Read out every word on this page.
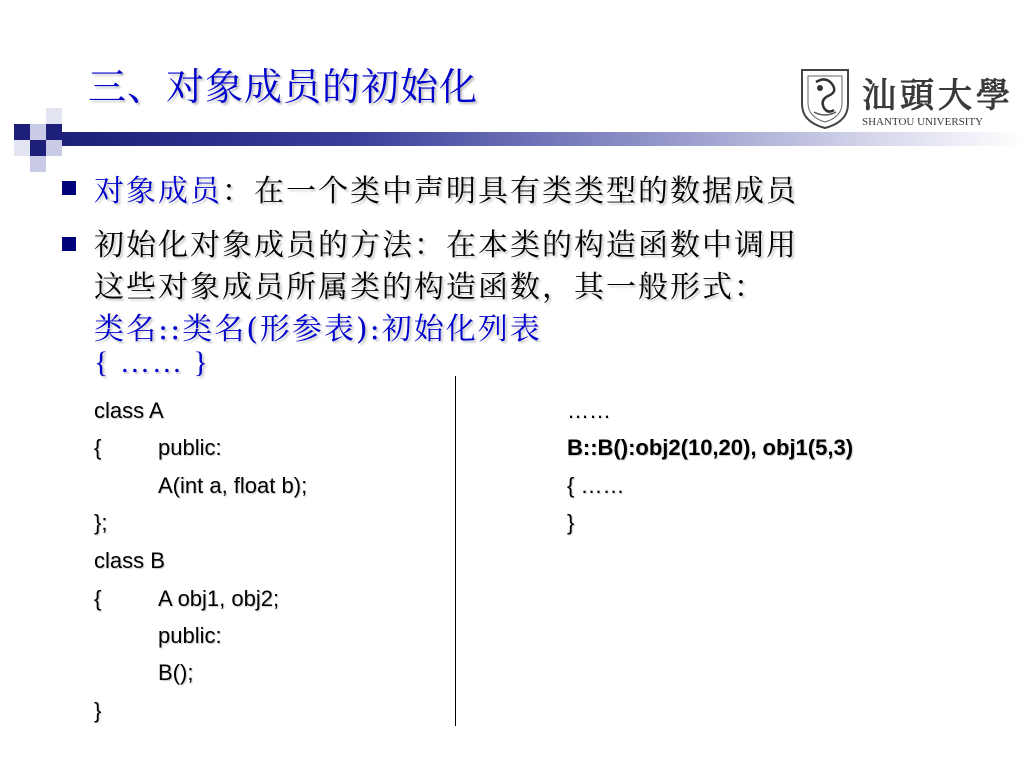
三、对象成员的初始化	汕頭大學
SHANTOU UNIVERSITY
对象成员：在一个类中声明具有类类型的数据成员
初始化对象成员的方法：在本类的构造函数中调用
这些对象成员所属类的构造函数，其一般形式：
类名::类名(形参表):初始化列表
{ …… }
class A
{	public:
A(int a, float b);
};
class B
{	A obj1, obj2;
public:
B();
}
……
B::B():obj2(10,20), obj1(5,3)
{ ……
}
